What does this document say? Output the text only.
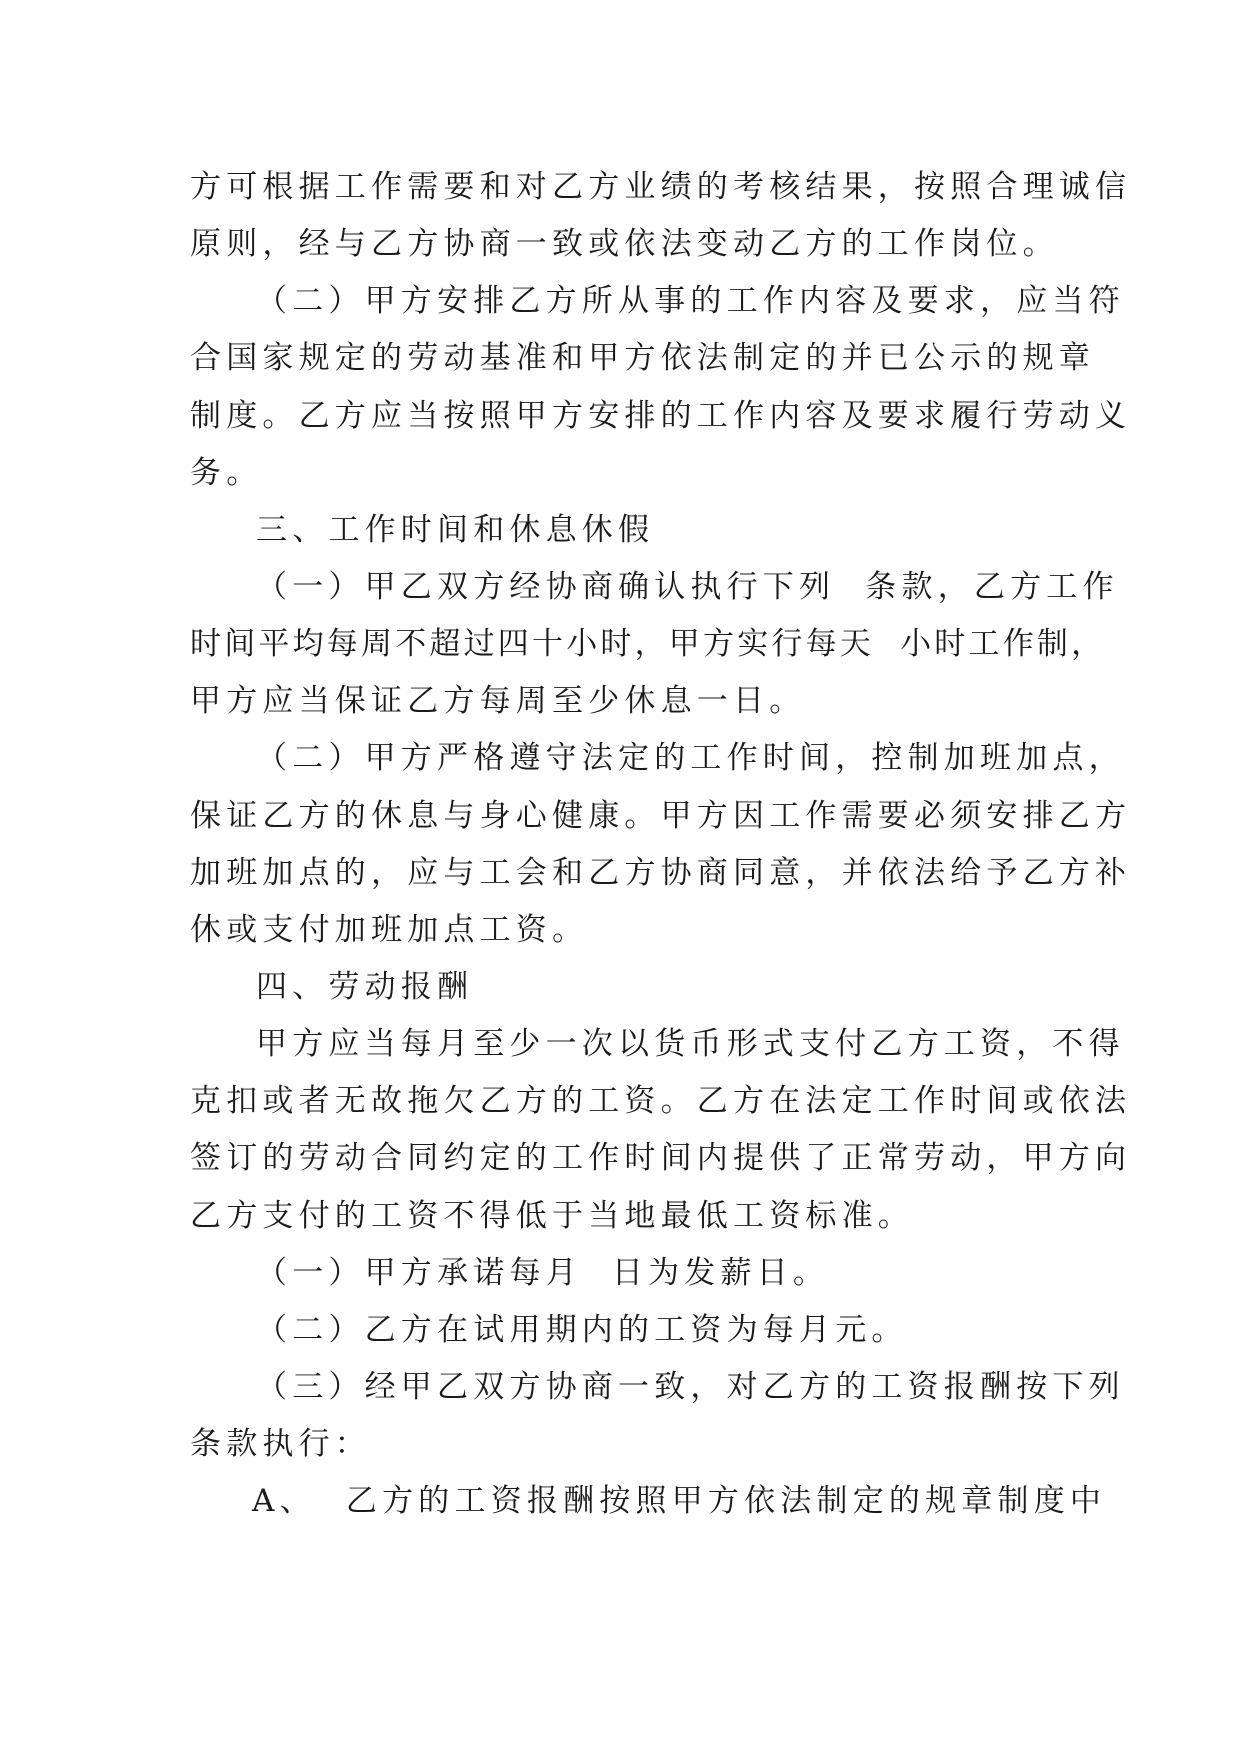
方可根据工作需要和对乙方业绩的考核结果，按照合理诚信
原则，经与乙方协商一致或依法变动乙方的工作岗位。
（二）甲方安排乙方所从事的工作内容及要求，应当符
合国家规定的劳动基准和甲方依法制定的并已公示的规章
制度。乙方应当按照甲方安排的工作内容及要求履行劳动义
务。
三、工作时间和休息休假
（一）甲乙双方经协商确认执行下列  条款，乙方工作
时间平均每周不超过四十小时，甲方实行每天  小时工作制，
甲方应当保证乙方每周至少休息一日。
（二）甲方严格遵守法定的工作时间，控制加班加点，
保证乙方的休息与身心健康。甲方因工作需要必须安排乙方
加班加点的，应与工会和乙方协商同意，并依法给予乙方补
休或支付加班加点工资。
四、劳动报酬
甲方应当每月至少一次以货币形式支付乙方工资，不得
克扣或者无故拖欠乙方的工资。乙方在法定工作时间或依法
签订的劳动合同约定的工作时间内提供了正常劳动，甲方向
乙方支付的工资不得低于当地最低工资标准。
（一）甲方承诺每月  日为发薪日。
（二）乙方在试用期内的工资为每月元。
（三）经甲乙双方协商一致，对乙方的工资报酬按下列
条款执行：
A、  乙方的工资报酬按照甲方依法制定的规章制度中
